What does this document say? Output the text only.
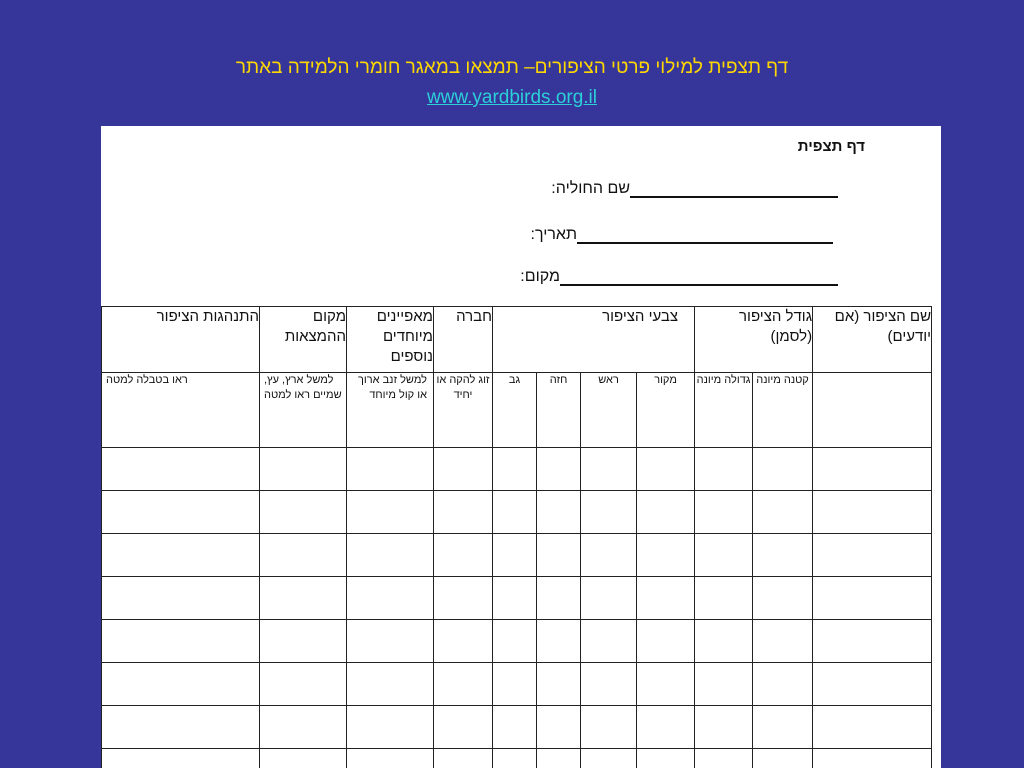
דף תצפית למילוי פרטי הציפורים– תמצאו במאגר חומרי הלמידה באתר
www.yardbirds.org.il
דף תצפית
שם החוליה:
תאריך:
מקום:
שם הציפור (אם יודעים)	גודל הציפור (לסמן)		צבעי הציפור				חברה	מאפיינים מיוחדים נוספים	מקום ההמצאות	התנהגות הציפור
	קטנה מיונה	גדולה מיונה	מקור	ראש	חזה	גב	זוג להקה או יחיד	למשל זנב ארוך או קול מיוחד	למשל ארץ, עץ, שמיים ראו למטה	ראו בטבלה למטה
